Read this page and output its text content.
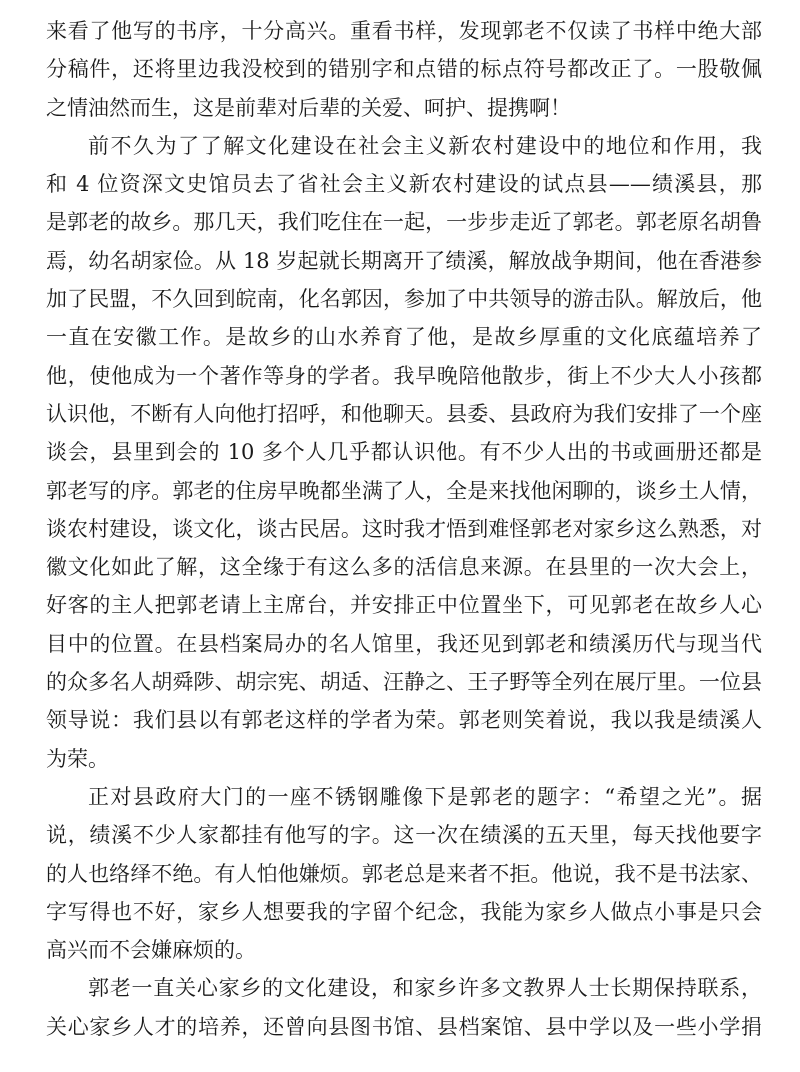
来看了他写的书序，十分高兴。重看书样，发现郭老不仅读了书样中绝大部
分稿件，还将里边我没校到的错别字和点错的标点符号都改正了。一股敬佩
之情油然而生，这是前辈对后辈的关爱、呵护、提携啊！
前不久为了了解文化建设在社会主义新农村建设中的地位和作用，我
和 4 位资深文史馆员去了省社会主义新农村建设的试点县——绩溪县，那
是郭老的故乡。那几天，我们吃住在一起，一步步走近了郭老。郭老原名胡鲁
焉，幼名胡家俭。从 18 岁起就长期离开了绩溪，解放战争期间，他在香港参
加了民盟，不久回到皖南，化名郭因，参加了中共领导的游击队。解放后，他
一直在安徽工作。是故乡的山水养育了他，是故乡厚重的文化底蕴培养了
他，使他成为一个著作等身的学者。我早晚陪他散步，街上不少大人小孩都
认识他，不断有人向他打招呼，和他聊天。县委、县政府为我们安排了一个座
谈会，县里到会的 10 多个人几乎都认识他。有不少人出的书或画册还都是
郭老写的序。郭老的住房早晚都坐满了人，全是来找他闲聊的，谈乡土人情，
谈农村建设，谈文化，谈古民居。这时我才悟到难怪郭老对家乡这么熟悉，对
徽文化如此了解，这全缘于有这么多的活信息来源。在县里的一次大会上，
好客的主人把郭老请上主席台，并安排正中位置坐下，可见郭老在故乡人心
目中的位置。在县档案局办的名人馆里，我还见到郭老和绩溪历代与现当代
的众多名人胡舜陟、胡宗宪、胡适、汪静之、王子野等全列在展厅里。一位县
领导说：我们县以有郭老这样的学者为荣。郭老则笑着说，我以我是绩溪人
为荣。
正对县政府大门的一座不锈钢雕像下是郭老的题字：“希望之光”。据
说，绩溪不少人家都挂有他写的字。这一次在绩溪的五天里，每天找他要字
的人也络绎不绝。有人怕他嫌烦。郭老总是来者不拒。他说，我不是书法家、
字写得也不好，家乡人想要我的字留个纪念，我能为家乡人做点小事是只会
高兴而不会嫌麻烦的。
郭老一直关心家乡的文化建设，和家乡许多文教界人士长期保持联系，
关心家乡人才的培养，还曾向县图书馆、县档案馆、县中学以及一些小学捐
